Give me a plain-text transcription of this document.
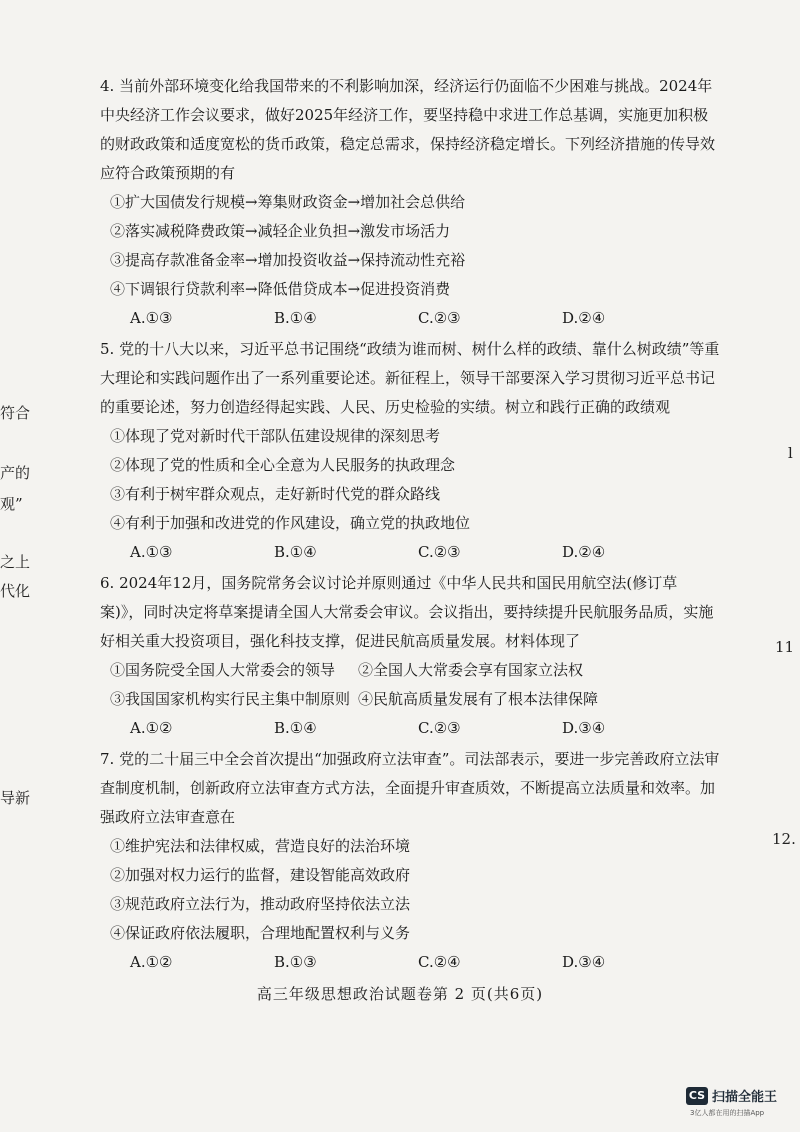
4. 当前外部环境变化给我国带来的不利影响加深，经济运行仍面临不少困难与挑战。2024年中央经济工作会议要求，做好2025年经济工作，要坚持稳中求进工作总基调，实施更加积极的财政政策和适度宽松的货币政策，稳定总需求，保持经济稳定增长。下列经济措施的传导效应符合政策预期的有
①扩大国债发行规模→筹集财政资金→增加社会总供给
②落实减税降费政策→减轻企业负担→激发市场活力
③提高存款准备金率→增加投资收益→保持流动性充裕
④下调银行贷款利率→降低借贷成本→促进投资消费
A.①③	B.①④	C.②③	D.②④
5. 党的十八大以来，习近平总书记围绕“政绩为谁而树、树什么样的政绩、靠什么树政绩”等重大理论和实践问题作出了一系列重要论述。新征程上，领导干部要深入学习贯彻习近平总书记的重要论述，努力创造经得起实践、人民、历史检验的实绩。树立和践行正确的政绩观
①体现了党对新时代干部队伍建设规律的深刻思考
②体现了党的性质和全心全意为人民服务的执政理念
③有利于树牢群众观点，走好新时代党的群众路线
④有利于加强和改进党的作风建设，确立党的执政地位
A.①③	B.①④	C.②③	D.②④
6. 2024年12月，国务院常务会议讨论并原则通过《中华人民共和国民用航空法(修订草案)》，同时决定将草案提请全国人大常委会审议。会议指出，要持续提升民航服务品质，实施好相关重大投资项目，强化科技支撑，促进民航高质量发展。材料体现了
①国务院受全国人大常委会的领导	②全国人大常委会享有国家立法权
③我国国家机构实行民主集中制原则 ④民航高质量发展有了根本法律保障
A.①②	B.①④	C.②③	D.③④
7. 党的二十届三中全会首次提出“加强政府立法审查”。司法部表示，要进一步完善政府立法审查制度机制，创新政府立法审查方式方法，全面提升审查质效，不断提高立法质量和效率。加强政府立法审查意在
①维护宪法和法律权威，营造良好的法治环境
②加强对权力运行的监督，建设智能高效政府
③规范政府立法行为，推动政府坚持依法立法
④保证政府依法履职，合理地配置权利与义务
A.①②	B.①③	C.②④	D.③④
符合
产的
观”
之上
代化
导新
l
11
12.
高三年级思想政治试题卷第 2 页(共6页)
CS 扫描全能王
3亿人都在用的扫描App
